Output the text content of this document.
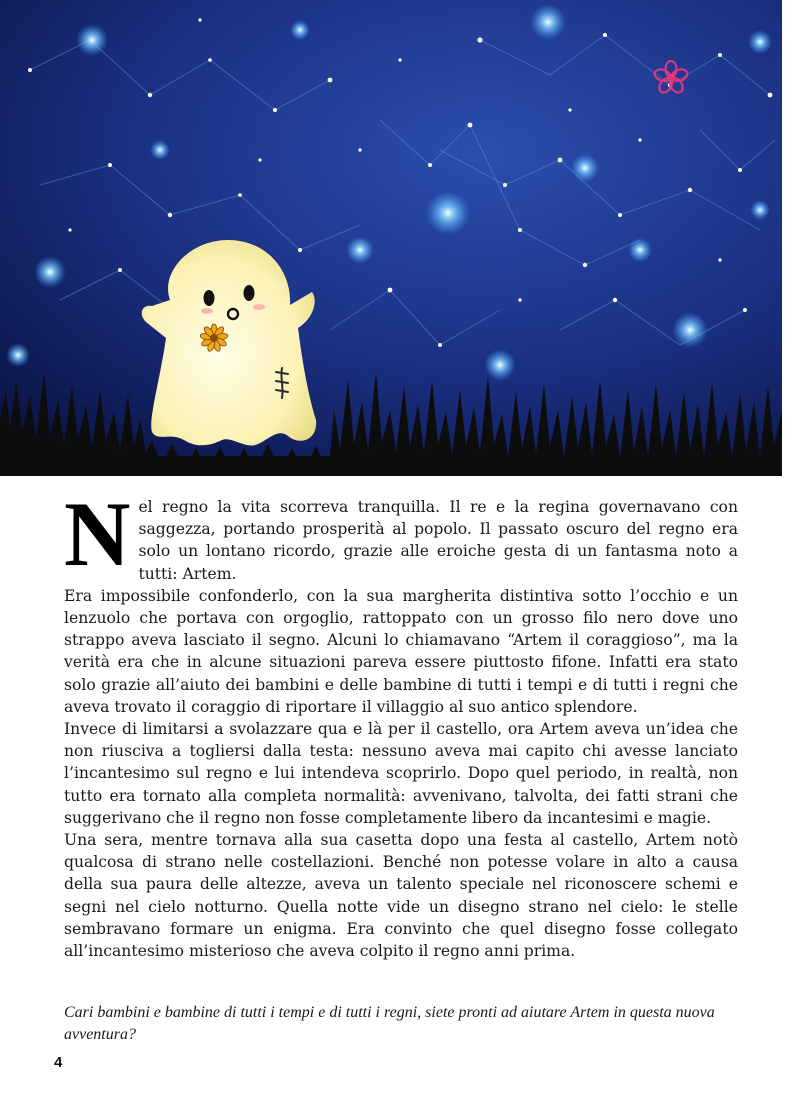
Nel regno la vita scorreva tranquilla. Il re e la regina governavano con saggezza, portando prosperità al popolo. Il passato oscuro del regno era solo un lontano ricordo, grazie alle eroiche gesta di un fantasma noto a tutti: Artem.

Era impossibile confonderlo, con la sua margherita distintiva sotto l’occhio e un lenzuolo che portava con orgoglio, rattoppato con un grosso filo nero dove uno strappo aveva lasciato il segno. Alcuni lo chiamavano “Artem il coraggioso”, ma la verità era che in alcune situazioni pareva essere piuttosto fifone. Infatti era stato solo grazie all’aiuto dei bambini e delle bambine di tutti i tempi e di tutti i regni che aveva trovato il coraggio di riportare il villaggio al suo antico splendore.

Invece di limitarsi a svolazzare qua e là per il castello, ora Artem aveva un’idea che non riusciva a togliersi dalla testa: nessuno aveva mai capito chi avesse lanciato l’incantesimo sul regno e lui intendeva scoprirlo. Dopo quel periodo, in realtà, non tutto era tornato alla completa normalità: avvenivano, talvolta, dei fatti strani che suggerivano che il regno non fosse completamente libero da incantesimi e magie.

Una sera, mentre tornava alla sua casetta dopo una festa al castello, Artem notò qualcosa di strano nelle costellazioni. Benché non potesse volare in alto a causa della sua paura delle altezze, aveva un talento speciale nel riconoscere schemi e segni nel cielo notturno. Quella notte vide un disegno strano nel cielo: le stelle sembravano formare un enigma. Era convinto che quel disegno fosse collegato all’incantesimo misterioso che aveva colpito il regno anni prima.

Cari bambini e bambine di tutti i tempi e di tutti i regni, siete pronti ad aiutare Artem in questa nuova avventura?

4
